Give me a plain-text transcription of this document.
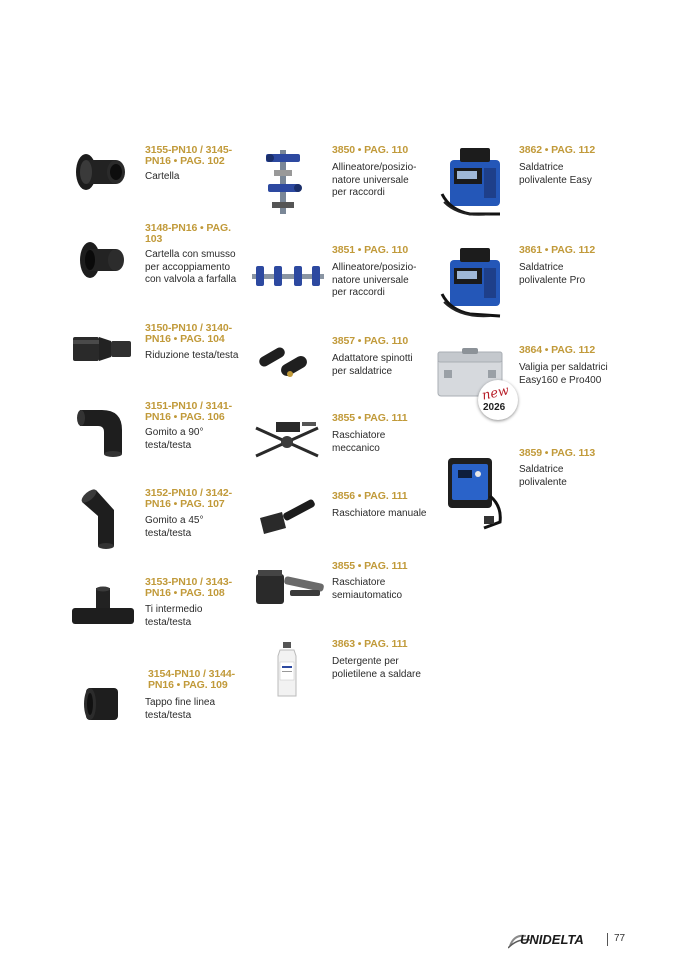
3155-PN10 / 3145-
PN16 • PAG. 102
Cartella
3148-PN16 • PAG.
103
Cartella con smusso
per accoppiamento
con valvola a farfalla
3150-PN10 / 3140-
PN16 • PAG. 104
Riduzione testa/testa
3151-PN10 / 3141-
PN16 • PAG. 106
Gomito a 90°
testa/testa
3152-PN10 / 3142-
PN16 • PAG. 107
Gomito a 45°
testa/testa
3153-PN10 / 3143-
PN16 • PAG. 108
Ti intermedio
testa/testa
3154-PN10 / 3144-
PN16 • PAG. 109
Tappo fine linea
testa/testa
3850 • PAG. 110
Allineatore/posizio-
natore universale
per raccordi
3851 • PAG. 110
Allineatore/posizio-
natore universale
per raccordi
3857 • PAG. 110
Adattatore spinotti
per saldatrice
3855 • PAG. 111
Raschiatore
meccanico
3856 • PAG. 111
Raschiatore manuale
3855 • PAG. 111
Raschiatore
semiautomatico
3863 • PAG. 111
Detergente per
polietilene a saldare
3862 • PAG. 112
Saldatrice
polivalente Easy
3861 • PAG. 112
Saldatrice
polivalente Pro
new
2026
3864 • PAG. 112
Valigia per saldatrici
Easy160 e Pro400
3859 • PAG. 113
Saldatrice
polivalente
UNIDELTA	77
